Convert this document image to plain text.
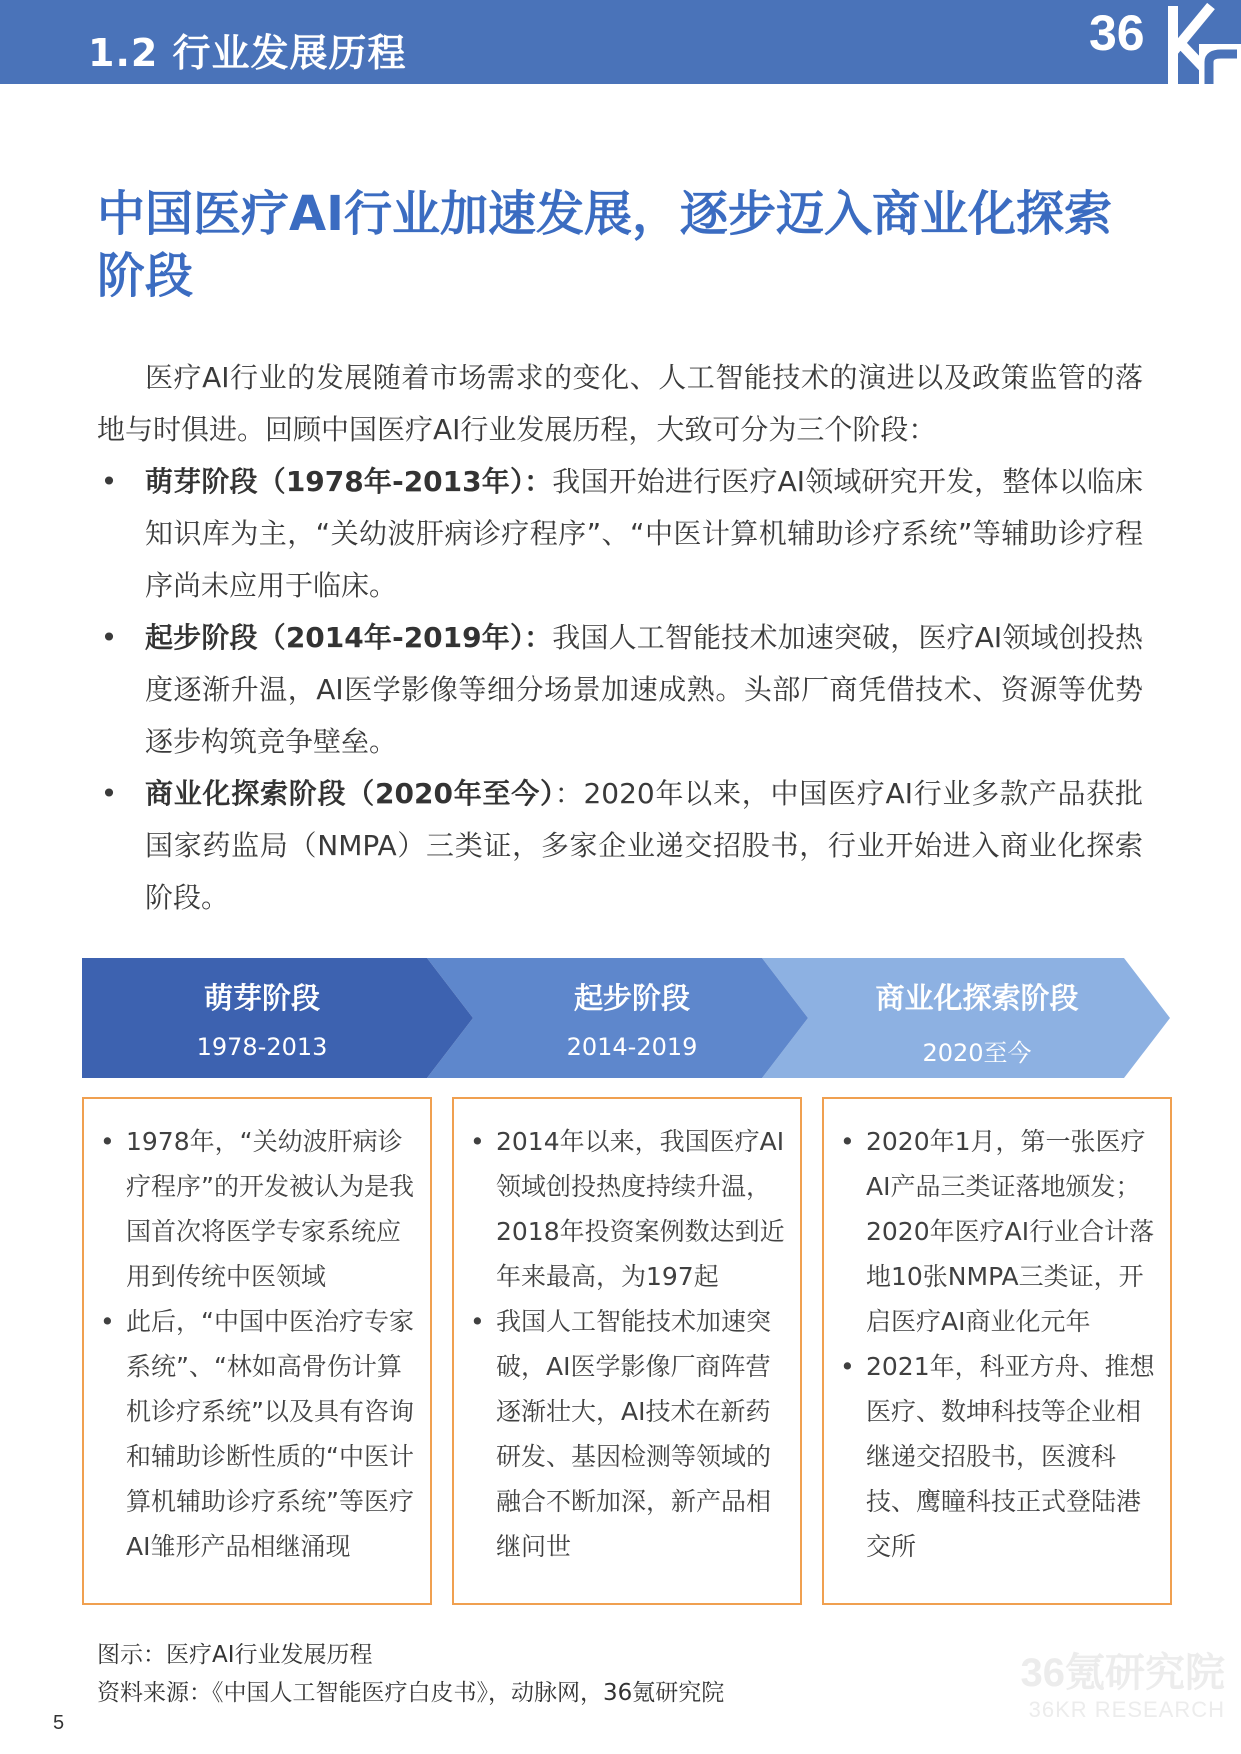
1.2 行业发展历程	36
中国医疗AI行业加速发展，逐步迈入商业化探索阶段

医疗AI行业的发展随着市场需求的变化、人工智能技术的演进以及政策监管的落地与时俱进。回顾中国医疗AI行业发展历程，大致可分为三个阶段：

• 萌芽阶段（1978年-2013年）：我国开始进行医疗AI领域研究开发，整体以临床知识库为主，“关幼波肝病诊疗程序”、“中医计算机辅助诊疗系统”等辅助诊疗程序尚未应用于临床。
• 起步阶段（2014年-2019年）：我国人工智能技术加速突破，医疗AI领域创投热度逐渐升温，AI医学影像等细分场景加速成熟。头部厂商凭借技术、资源等优势逐步构筑竞争壁垒。
• 商业化探索阶段（2020年至今）：2020年以来，中国医疗AI行业多款产品获批国家药监局（NMPA）三类证，多家企业递交招股书，行业开始进入商业化探索阶段。
萌芽阶段
1978-2013
起步阶段
2014-2019
商业化探索阶段
2020至今
• 1978年，“关幼波肝病诊疗程序”的开发被认为是我国首次将医学专家系统应用到传统中医领域
• 此后，“中国中医治疗专家系统”、“林如高骨伤计算机诊疗系统”以及具有咨询和辅助诊断性质的“中医计算机辅助诊疗系统”等医疗AI雏形产品相继涌现
• 2014年以来，我国医疗AI领域创投热度持续升温，2018年投资案例数达到近年来最高，为197起
• 我国人工智能技术加速突破，AI医学影像厂商阵营逐渐壮大，AI技术在新药研发、基因检测等领域的融合不断加深，新产品相继问世
• 2020年1月，第一张医疗AI产品三类证落地颁发；2020年医疗AI行业合计落地10张NMPA三类证，开启医疗AI商业化元年
• 2021年，科亚方舟、推想医疗、数坤科技等企业相继递交招股书，医渡科技、鹰瞳科技正式登陆港交所
图示：医疗AI行业发展历程
资料来源：《中国人工智能医疗白皮书》，动脉网，36氪研究院	36氪研究院
36KR RESEARCH
5
